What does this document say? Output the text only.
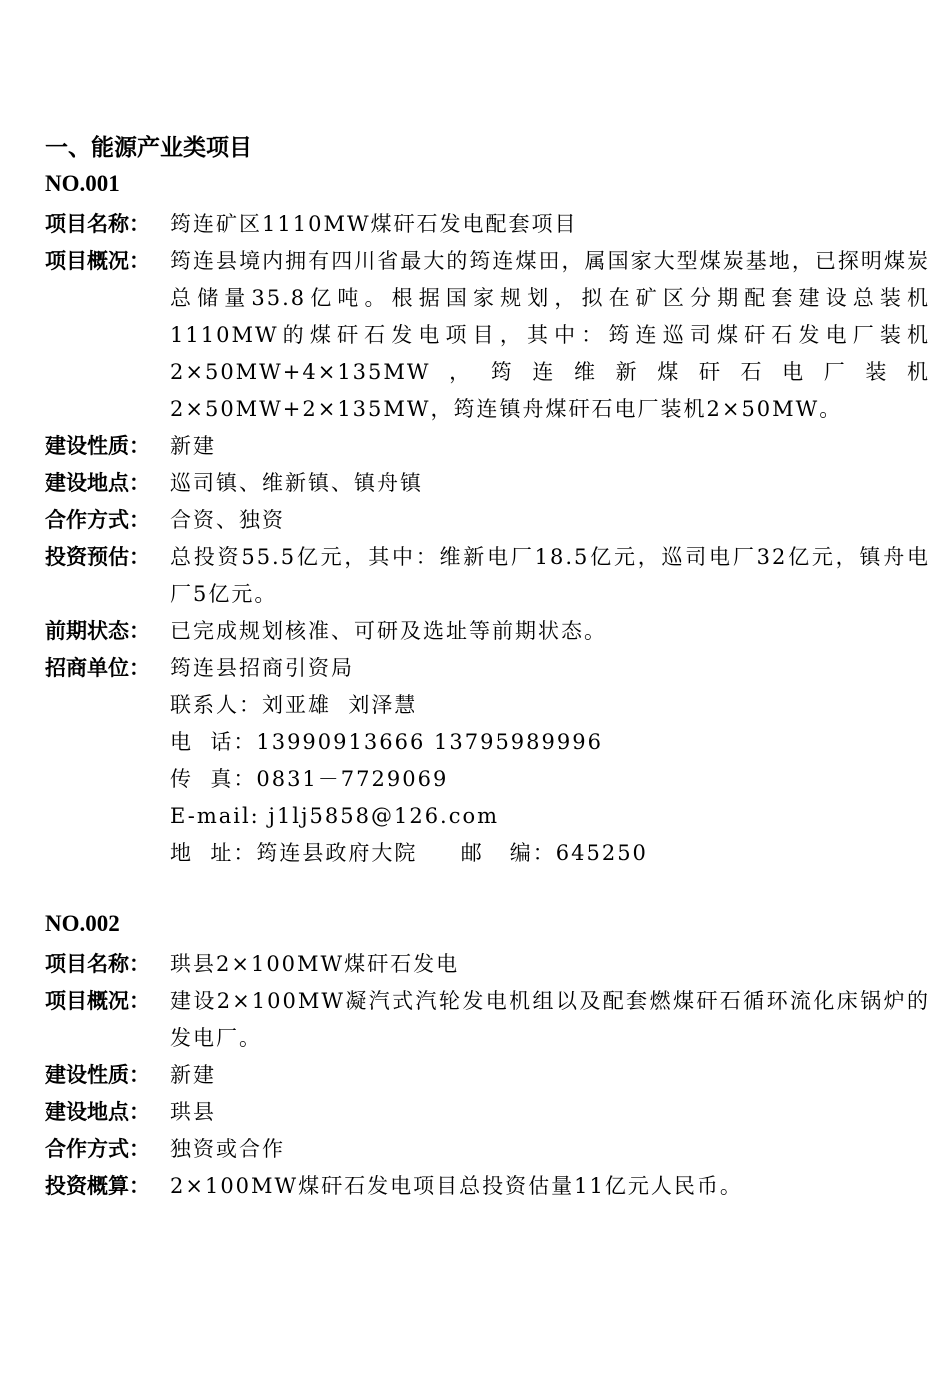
一、能源产业类项目
NO.001
项目名称： 筠连矿区1110MW煤矸石发电配套项目
项目概况： 筠连县境内拥有四川省最大的筠连煤田，属国家大型煤炭基地，已探明煤炭总储量35.8亿吨。根据国家规划，拟在矿区分期配套建设总装机1110MW的煤矸石发电项目，其中：筠连巡司煤矸石发电厂装机2×50MW+4×135MW，筠连维新煤矸石电厂装机2×50MW+2×135MW，筠连镇舟煤矸石电厂装机2×50MW。
建设性质： 新建
建设地点： 巡司镇、维新镇、镇舟镇
合作方式： 合资、独资
投资预估： 总投资55.5亿元，其中：维新电厂18.5亿元，巡司电厂32亿元，镇舟电厂5亿元。
前期状态： 已完成规划核准、可研及选址等前期状态。
招商单位： 筠连县招商引资局
联系人：刘亚雄  刘泽慧
电  话：13990913666 13795989996
传  真：0831－7729069
E-mail: j1lj5858@126.com
地  址：筠连县政府大院     邮   编：645250
NO.002
项目名称： 珙县2×100MW煤矸石发电
项目概况： 建设2×100MW凝汽式汽轮发电机组以及配套燃煤矸石循环流化床锅炉的发电厂。
建设性质： 新建
建设地点： 珙县
合作方式： 独资或合作
投资概算： 2×100MW煤矸石发电项目总投资估量11亿元人民币。
